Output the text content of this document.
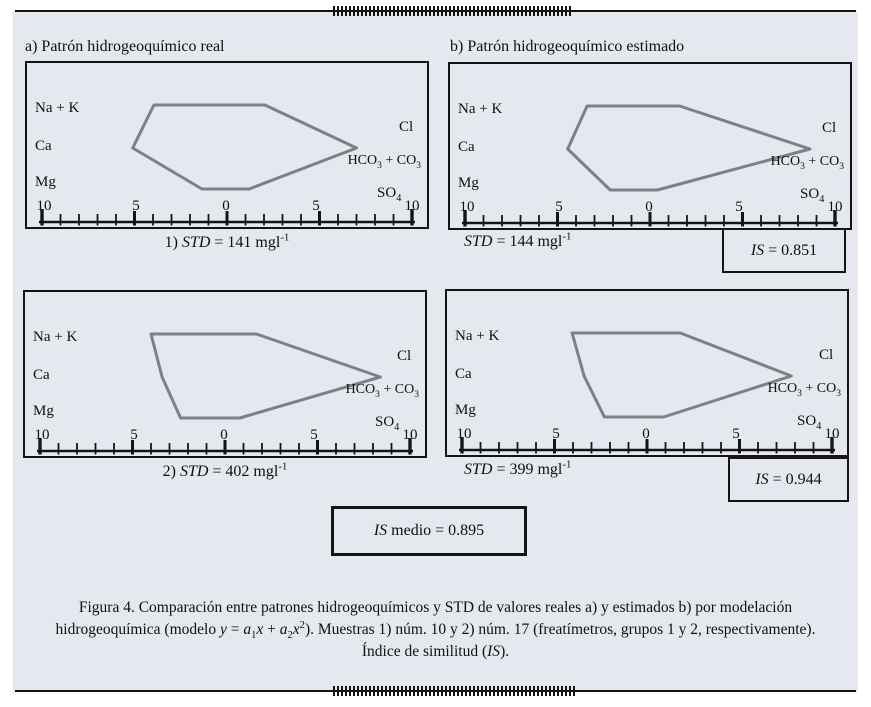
a) Patrón hidrogeoquímico real	b) Patrón hidrogeoquímico estimado
Na + K
Ca
Mg
Cl
$HCO_3 + CO_3$
$SO_4$
10	5	0	5	10
Na + K
Ca
Mg
Cl
$HCO_3 + CO_3$
$SO_4$
10	5	0	5	10
Na + K
Ca
Mg
Cl
$HCO_3 + CO_3$
$SO_4$
10	5	0	5	10
Na + K
Ca
Mg
Cl
$HCO_3 + CO_3$
$SO_4$
10	5	0	5	10
1) STD = 141 mgl$^{-1}$	STD = 144 mgl$^{-1}$
2) STD = 402 mgl$^{-1}$	STD = 399 mgl$^{-1}$
IS = 0.851
IS = 0.944
IS medio = 0.895
Figura 4. Comparación entre patrones hidrogeoquímicos y STD de valores reales a) y estimados b) por modelación
hidrogeoquímica (modelo $y = a_1x + a_2x^2$). Muestras 1) núm. 10 y 2) núm. 17 (freatímetros, grupos 1 y 2, respectivamente).
Índice de similitud (IS).
